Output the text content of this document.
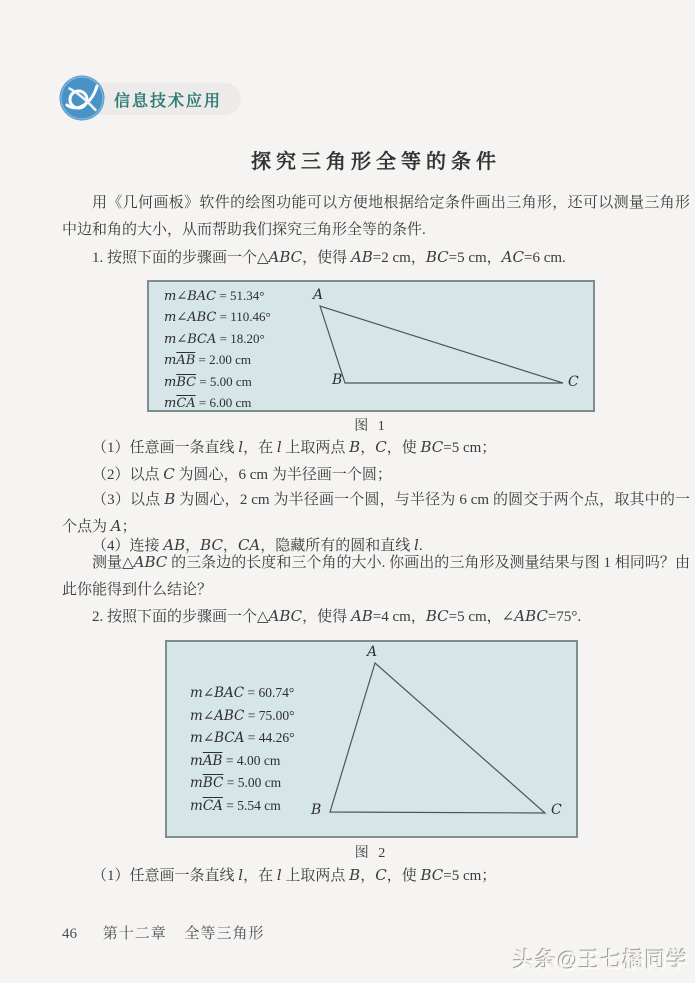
信息技术应用
探究三角形全等的条件
用《几何画板》软件的绘图功能可以方便地根据给定条件画出三角形，还可以测量三角形中边和角的大小，从而帮助我们探究三角形全等的条件.
1. 按照下面的步骤画一个△ABC，使得 AB=2 cm，BC=5 cm，AC=6 cm.
m∠BAC = 51.34°
m∠ABC = 110.46°
m∠BCA = 18.20°
$m\overline{AB} = 2.00$ cm
$m\overline{BC} = 5.00$ cm
$m\overline{CA} = 6.00$ cm
A
B	C
图 1
（1）任意画一条直线 l，在 l 上取两点 B，C，使 BC=5 cm；
（2）以点 C 为圆心，6 cm 为半径画一个圆；
（3）以点 B 为圆心，2 cm 为半径画一个圆，与半径为 6 cm 的圆交于两个点，取其中的一个点为 A；
（4）连接 AB，BC，CA，隐藏所有的圆和直线 l.
测量△ABC 的三条边的长度和三个角的大小. 你画出的三角形及测量结果与图 1 相同吗？由此你能得到什么结论？
2. 按照下面的步骤画一个△ABC，使得 AB=4 cm，BC=5 cm，∠ABC=75°.
m∠BAC = 60.74°
m∠ABC = 75.00°
m∠BCA = 44.26°
$m\overline{AB} = 4.00$ cm
$m\overline{BC} = 5.00$ cm
$m\overline{CA} = 5.54$ cm
A
B	C
图 2
（1）任意画一条直线 l，在 l 上取两点 B，C，使 BC=5 cm；
46 第十二章 全等三角形
头条@王七橘同学
